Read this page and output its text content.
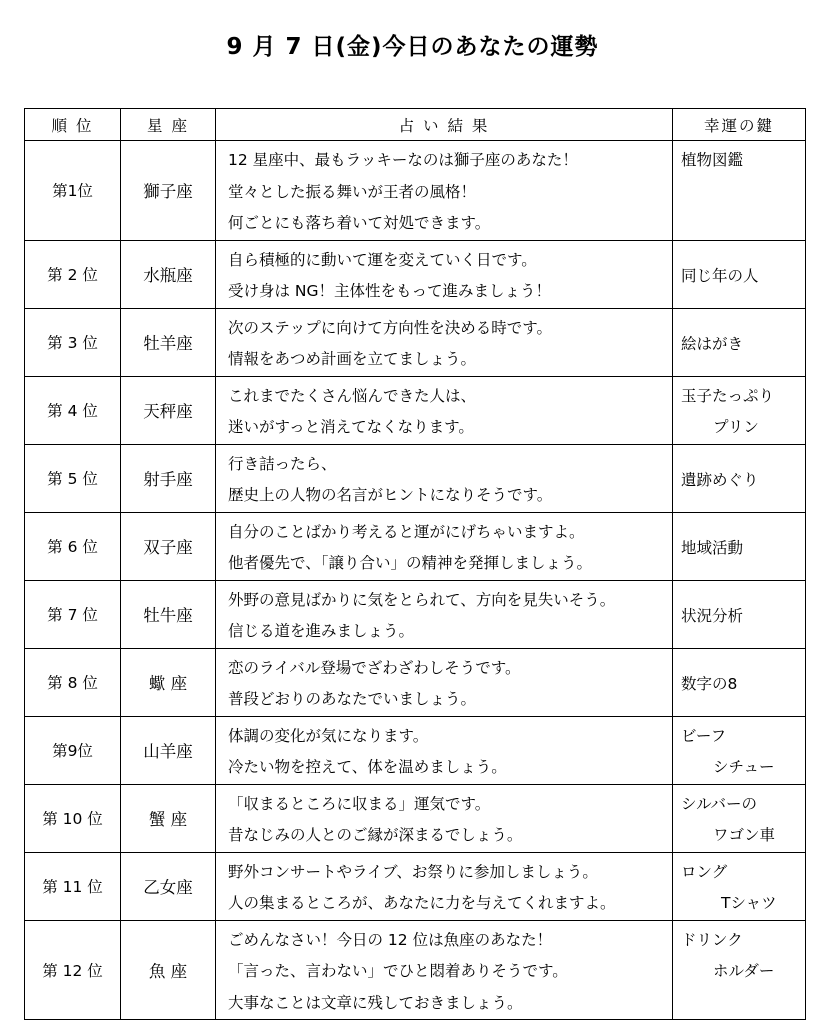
9 月 7 日(金)今日のあなたの運勢
順 位	星 座	占 い 結 果	幸運の鍵
第1位	獅子座	12 星座中、最もラッキーなのは獅子座のあなた！
堂々とした振る舞いが王者の風格！
何ごとにも落ち着いて対処できます。	植物図鑑

第 2 位	水瓶座	自ら積極的に動いて運を変えていく日です。
受け身は NG！主体性をもって進みましょう！	同じ年の人

第 3 位	牡羊座	次のステップに向けて方向性を決める時です。
情報をあつめ計画を立てましょう。	絵はがき

第 4 位	天秤座	これまでたくさん悩んできた人は、
迷いがすっと消えてなくなります。	玉子たっぷり
プリン

第 5 位	射手座	行き詰ったら、
歴史上の人物の名言がヒントになりそうです。	遺跡めぐり

第 6 位	双子座	自分のことばかり考えると運がにげちゃいますよ。
他者優先で、「譲り合い」の精神を発揮しましょう。	地域活動

第 7 位	牡牛座	外野の意見ばかりに気をとられて、方向を見失いそう。
信じる道を進みましょう。	状況分析

第 8 位	蠍 座	恋のライバル登場でざわざわしそうです。
普段どおりのあなたでいましょう。	数字の8

第9位	山羊座	体調の変化が気になります。
冷たい物を控えて、体を温めましょう。	ビーフ
シチュー

第 10 位	蟹 座	「収まるところに収まる」運気です。
昔なじみの人とのご縁が深まるでしょう。	シルバーの
ワゴン車

第 11 位	乙女座	野外コンサートやライブ、お祭りに参加しましょう。
人の集まるところが、あなたに力を与えてくれますよ。	ロング
Tシャツ

第 12 位	魚 座	ごめんなさい！今日の 12 位は魚座のあなた！
「言った、言わない」でひと悶着ありそうです。
大事なことは文章に残しておきましょう。	ドリンク
ホルダー
